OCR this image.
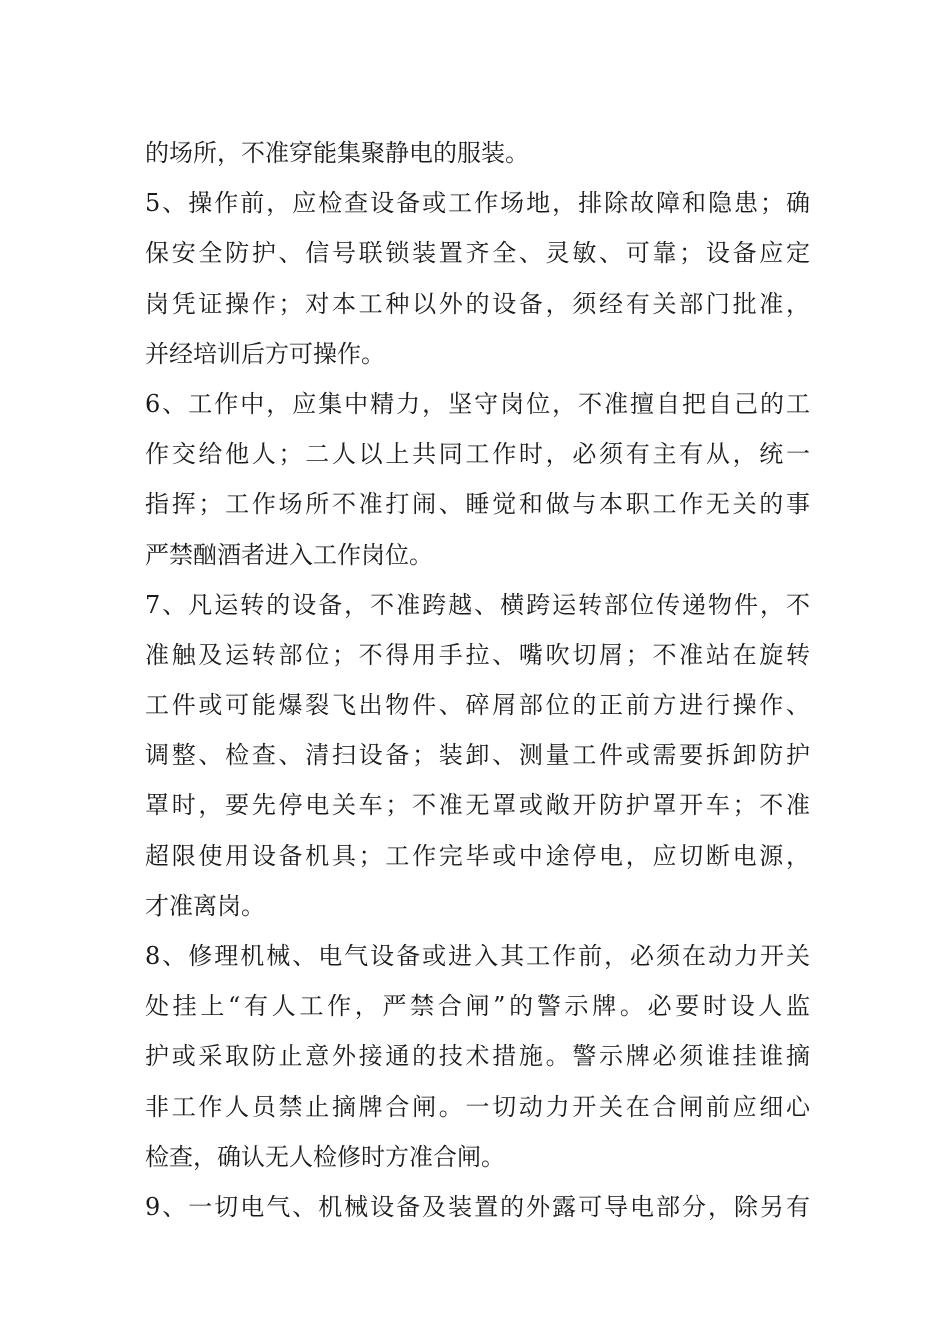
的场所，不准穿能集聚静电的服装。
5、操作前，应检查设备或工作场地，排除故障和隐患；确
保安全防护、信号联锁装置齐全、灵敏、可靠；设备应定
岗凭证操作；对本工种以外的设备，须经有关部门批准，
并经培训后方可操作。
6、工作中，应集中精力，坚守岗位，不准擅自把自己的工
作交给他人；二人以上共同工作时，必须有主有从，统一
指挥；工作场所不准打闹、睡觉和做与本职工作无关的事
严禁酗酒者进入工作岗位。
7、凡运转的设备，不准跨越、横跨运转部位传递物件，不
准触及运转部位；不得用手拉、嘴吹切屑；不准站在旋转
工件或可能爆裂飞出物件、碎屑部位的正前方进行操作、
调整、检查、清扫设备；装卸、测量工件或需要拆卸防护
罩时，要先停电关车；不准无罩或敞开防护罩开车；不准
超限使用设备机具；工作完毕或中途停电，应切断电源，
才准离岗。
8、修理机械、电气设备或进入其工作前，必须在动力开关
处挂上“有人工作，严禁合闸”的警示牌。必要时设人监
护或采取防止意外接通的技术措施。警示牌必须谁挂谁摘
非工作人员禁止摘牌合闸。一切动力开关在合闸前应细心
检查，确认无人检修时方准合闸。
9、一切电气、机械设备及装置的外露可导电部分，除另有
